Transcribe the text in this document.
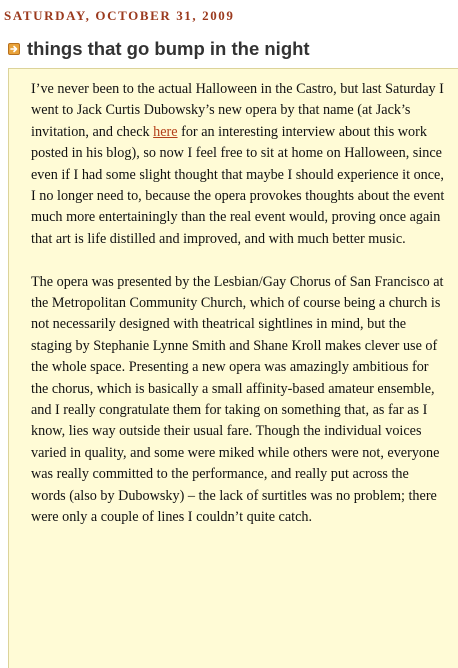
SATURDAY, OCTOBER 31, 2009
things that go bump in the night

I’ve never been to the actual Halloween in the Castro, but last Saturday I went to Jack Curtis Dubowsky’s new opera by that name (at Jack’s invitation, and check here for an interesting interview about this work posted in his blog), so now I feel free to sit at home on Halloween, since even if I had some slight thought that maybe I should experience it once, I no longer need to, because the opera provokes thoughts about the event much more entertainingly than the real event would, proving once again that art is life distilled and improved, and with much better music.

The opera was presented by the Lesbian/Gay Chorus of San Francisco at the Metropolitan Community Church, which of course being a church is not necessarily designed with theatrical sightlines in mind, but the staging by Stephanie Lynne Smith and Shane Kroll makes clever use of the whole space. Presenting a new opera was amazingly ambitious for the chorus, which is basically a small affinity-based amateur ensemble, and I really congratulate them for taking on something that, as far as I know, lies way outside their usual fare. Though the individual voices varied in quality, and some were miked while others were not, everyone was really committed to the performance, and really put across the words (also by Dubowsky) – the lack of surtitles was no problem; there were only a couple of lines I couldn’t quite catch.
